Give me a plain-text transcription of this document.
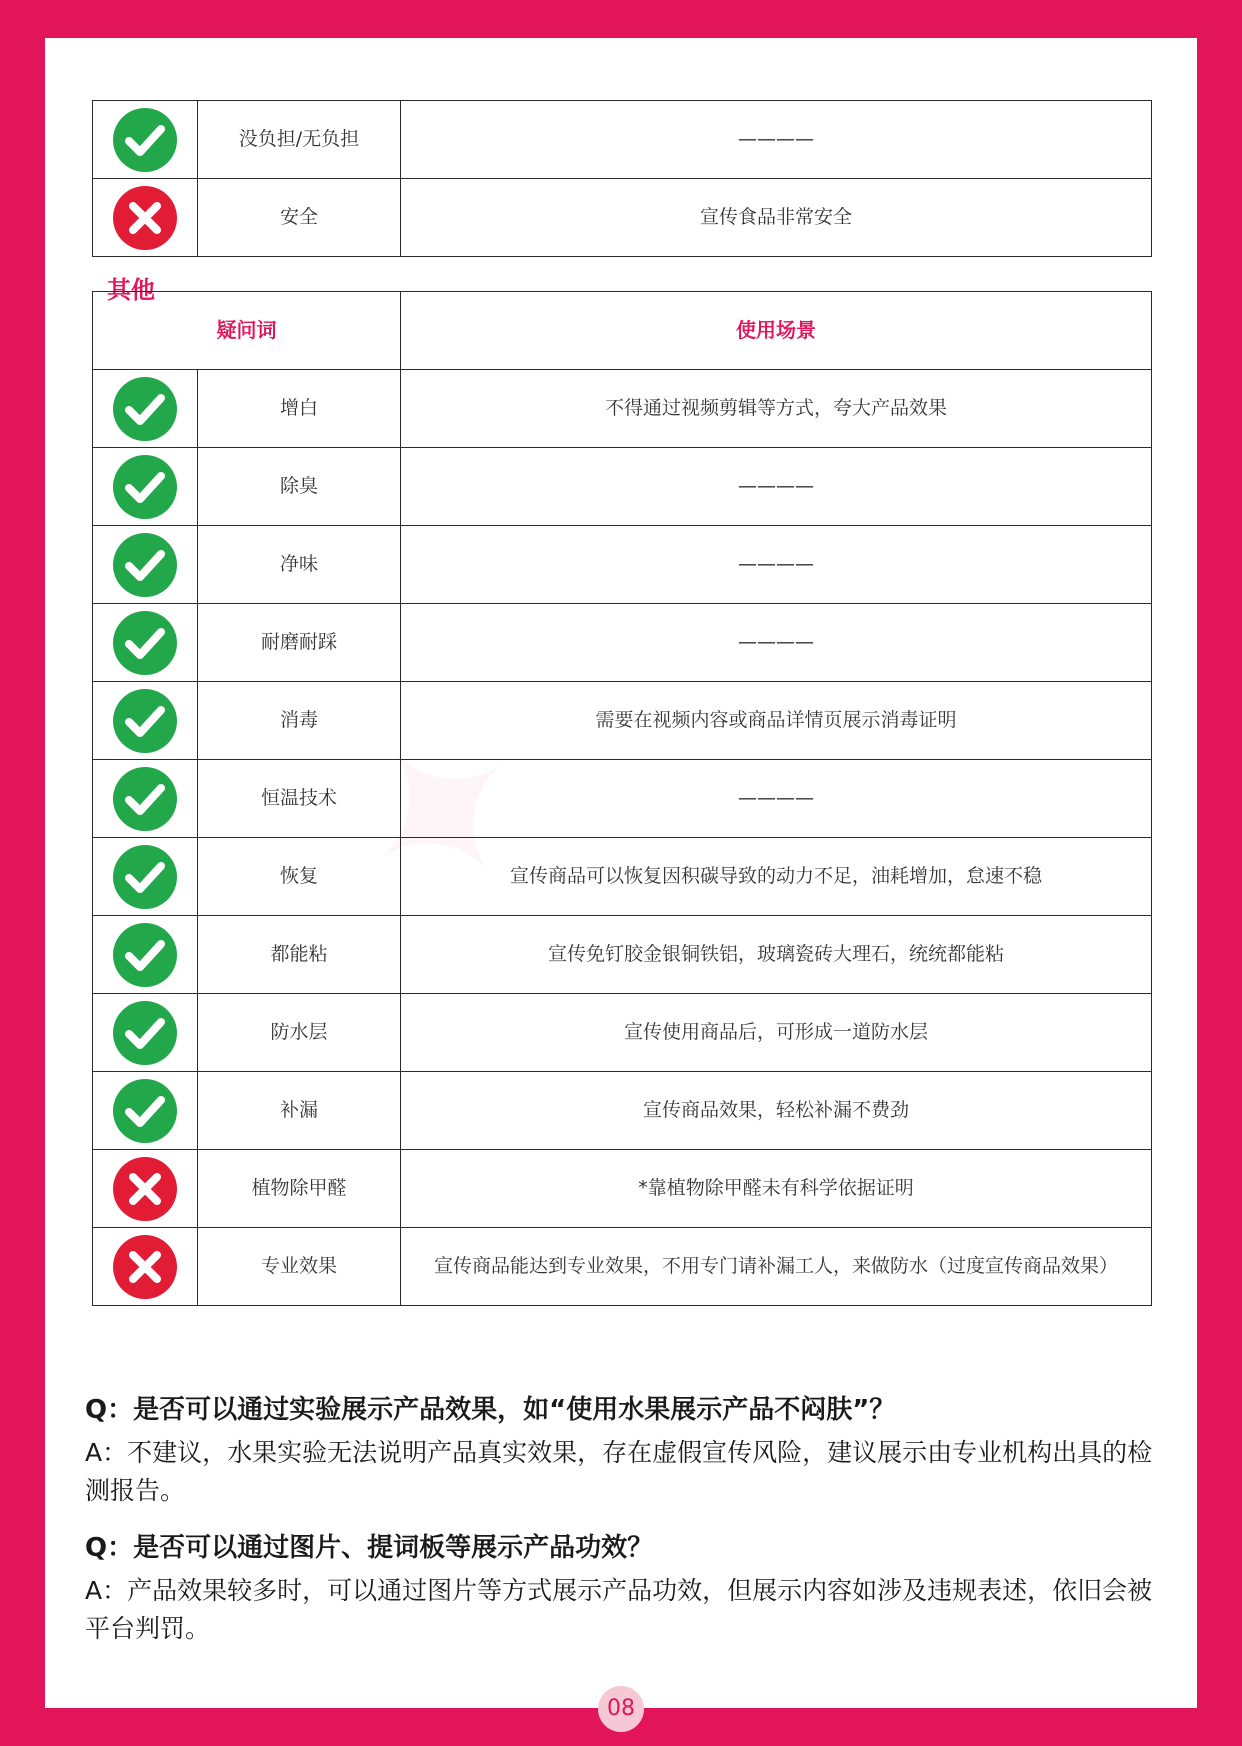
	没负担/无负担	————

	安全	宣传食品非常安全
其他
疑问词		使用场景

	增白	不得通过视频剪辑等方式，夸大产品效果

	除臭	————

	净味	————

	耐磨耐踩	————

	消毒	需要在视频内容或商品详情页展示消毒证明

	恒温技术	————

	恢复	宣传商品可以恢复因积碳导致的动力不足，油耗增加，怠速不稳

	都能粘	宣传免钉胶金银铜铁铝，玻璃瓷砖大理石，统统都能粘

	防水层	宣传使用商品后，可形成一道防水层

	补漏	宣传商品效果，轻松补漏不费劲

	植物除甲醛	*靠植物除甲醛未有科学依据证明

	专业效果	宣传商品能达到专业效果，不用专门请补漏工人，来做防水（过度宣传商品效果）
Q：是否可以通过实验展示产品效果，如“使用水果展示产品不闷肤”？
A：不建议，水果实验无法说明产品真实效果，存在虚假宣传风险，建议展示由专业机构出具的检测报告。
Q：是否可以通过图片、提词板等展示产品功效？
A：产品效果较多时，可以通过图片等方式展示产品功效，但展示内容如涉及违规表述，依旧会被平台判罚。
08
